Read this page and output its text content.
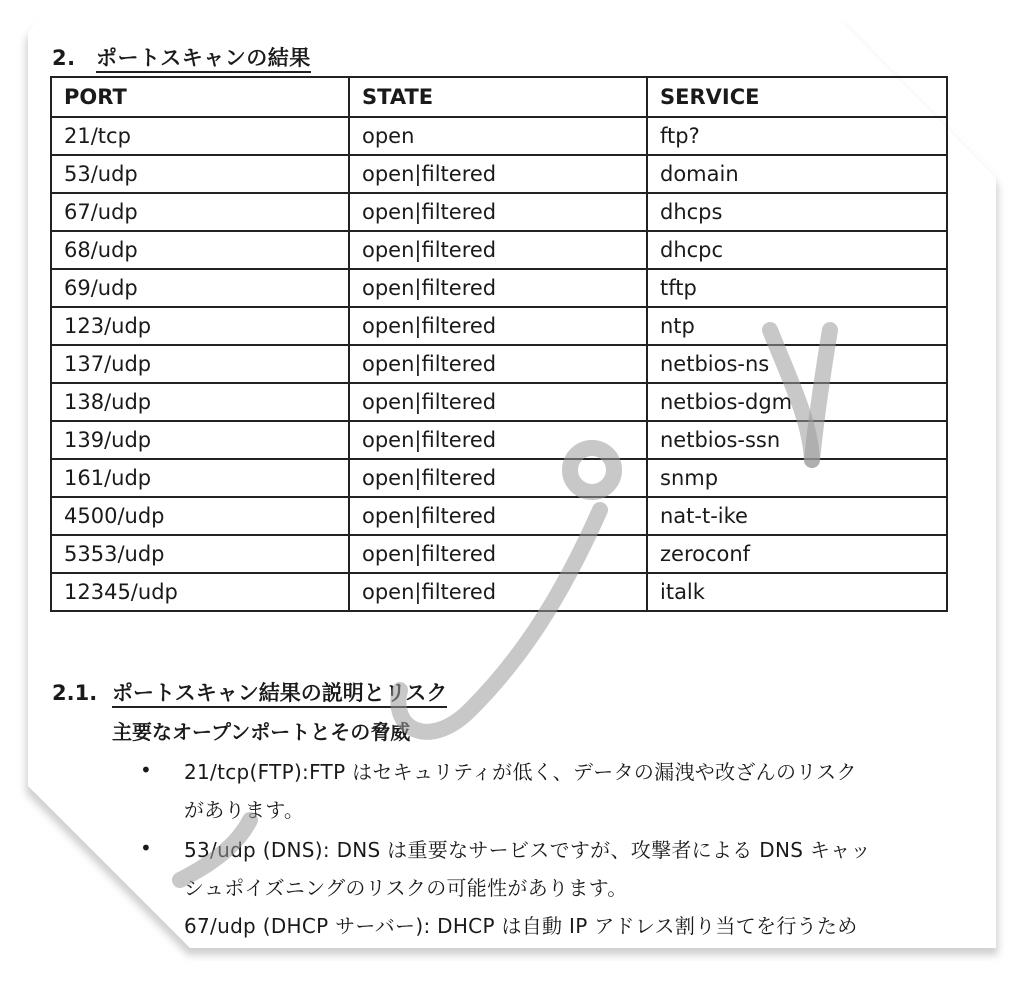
2. ポートスキャンの結果
PORT	STATE	SERVICE
21/tcp	open	ftp?
53/udp	open|filtered	domain
67/udp	open|filtered	dhcps
68/udp	open|filtered	dhcpc
69/udp	open|filtered	tftp
123/udp	open|filtered	ntp
137/udp	open|filtered	netbios-ns
138/udp	open|filtered	netbios-dgm
139/udp	open|filtered	netbios-ssn
161/udp	open|filtered	snmp
4500/udp	open|filtered	nat-t-ike
5353/udp	open|filtered	zeroconf
12345/udp	open|filtered	italk
2.1. ポートスキャン結果の説明とリスク
主要なオープンポートとその脅威
• 21/tcp(FTP):FTP はセキュリティが低く、データの漏洩や改ざんのリスク
があります。
• 53/udp (DNS): DNS は重要なサービスですが、攻撃者による DNS キャッ
シュポイズニングのリスクの可能性があります。
67/udp (DHCP サーバー): DHCP は自動 IP アドレス割り当てを行うため
